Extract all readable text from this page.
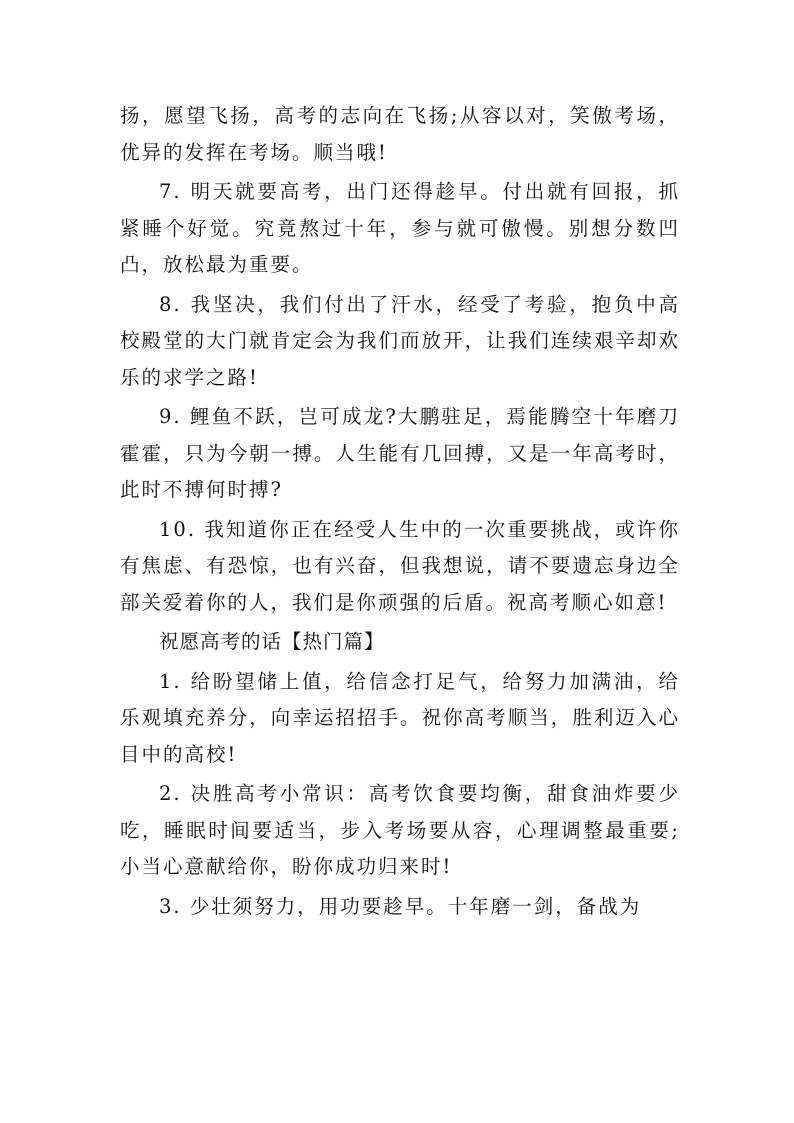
扬，愿望飞扬，高考的志向在飞扬;从容以对，笑傲考场，优异的发挥在考场。顺当哦!

7. 明天就要高考，出门还得趁早。付出就有回报，抓紧睡个好觉。究竟熬过十年，参与就可傲慢。别想分数凹凸，放松最为重要。

8. 我坚决，我们付出了汗水，经受了考验，抱负中高校殿堂的大门就肯定会为我们而放开，让我们连续艰辛却欢乐的求学之路!

9. 鲤鱼不跃，岂可成龙?大鹏驻足，焉能腾空十年磨刀霍霍，只为今朝一搏。人生能有几回搏，又是一年高考时，此时不搏何时搏?

10. 我知道你正在经受人生中的一次重要挑战，或许你有焦虑、有恐惊，也有兴奋，但我想说，请不要遗忘身边全部关爱着你的人，我们是你顽强的后盾。祝高考顺心如意!

祝愿高考的话【热门篇】

1. 给盼望储上值，给信念打足气，给努力加满油，给乐观填充养分，向幸运招招手。祝你高考顺当，胜利迈入心目中的高校!

2. 决胜高考小常识：高考饮食要均衡，甜食油炸要少吃，睡眠时间要适当，步入考场要从容，心理调整最重要;小当心意献给你，盼你成功归来时!

3. 少壮须努力，用功要趁早。十年磨一剑，备战为
